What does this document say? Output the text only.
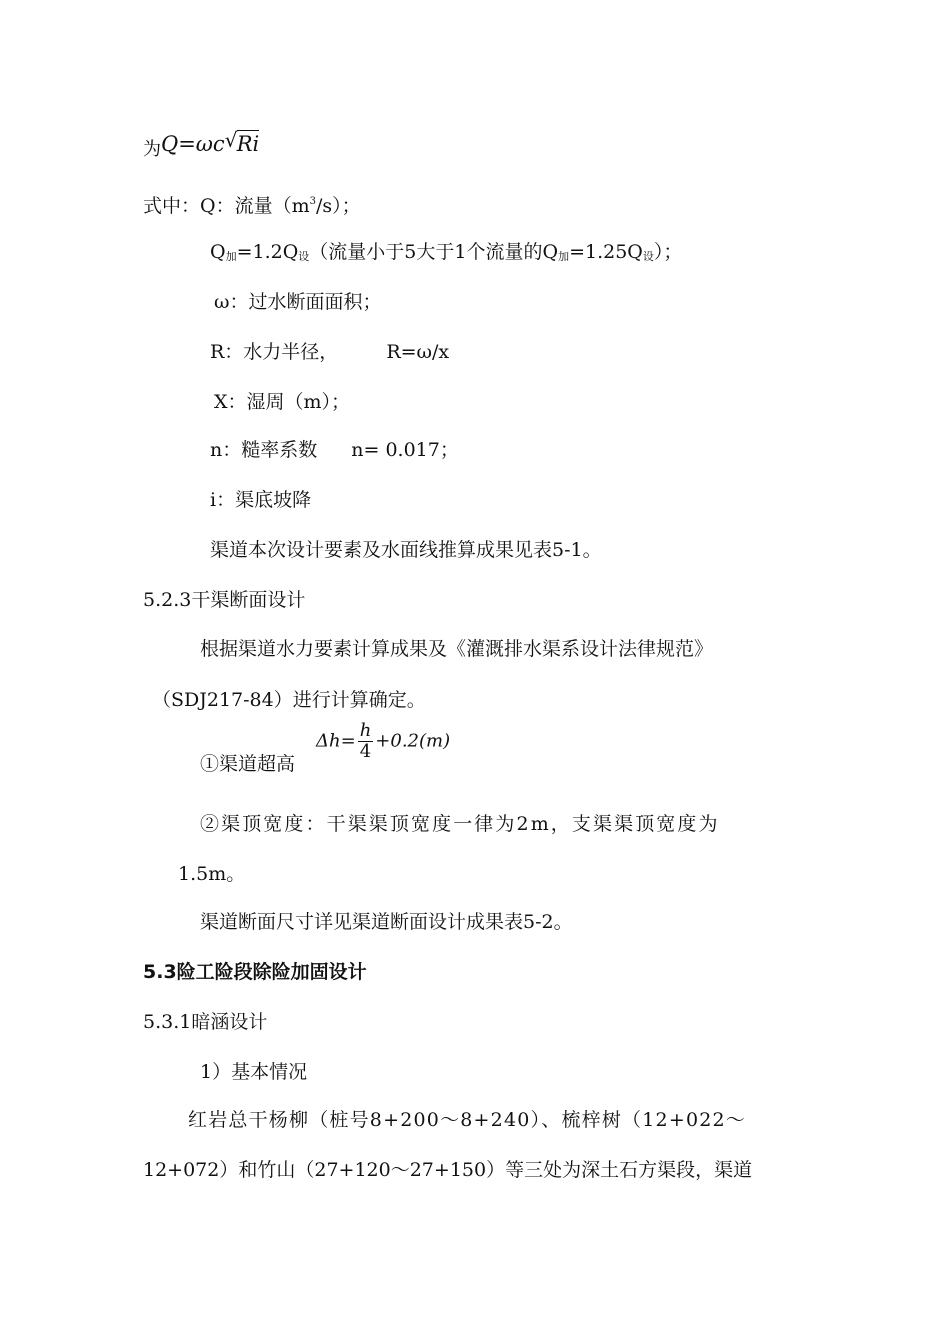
为Q=ωc √ Ri
式中：Q：流量$(m^3/s)$；
Q加=1.2Q设（流量小于5大于1个流量的Q加=1.25Q设）；
ω：过水断面面积；
R：水力半径，	R=ω/x
X：湿周（m）；
n：糙率系数 n= 0.017；
i：渠底坡降
渠道本次设计要素及水面线推算成果见表5-1。
5.2.3干渠断面设计
根据渠道水力要素计算成果及《灌溉排水渠系设计法律规范》
（SDJ217-84）进行计算确定。
①渠道超高
$\Delta h= \frac{h}{4} +0.2(m)$
②渠顶宽度：干渠渠顶宽度一律为2m，支渠渠顶宽度为
1.5m。
渠道断面尺寸详见渠道断面设计成果表5-2。
5.3险工险段除险加固设计
5.3.1暗涵设计
1）基本情况
红岩总干杨柳（桩号8+200～8+240）、梳梓树（12+022～
12+072）和竹山（27+120～27+150）等三处为深土石方渠段，渠道
